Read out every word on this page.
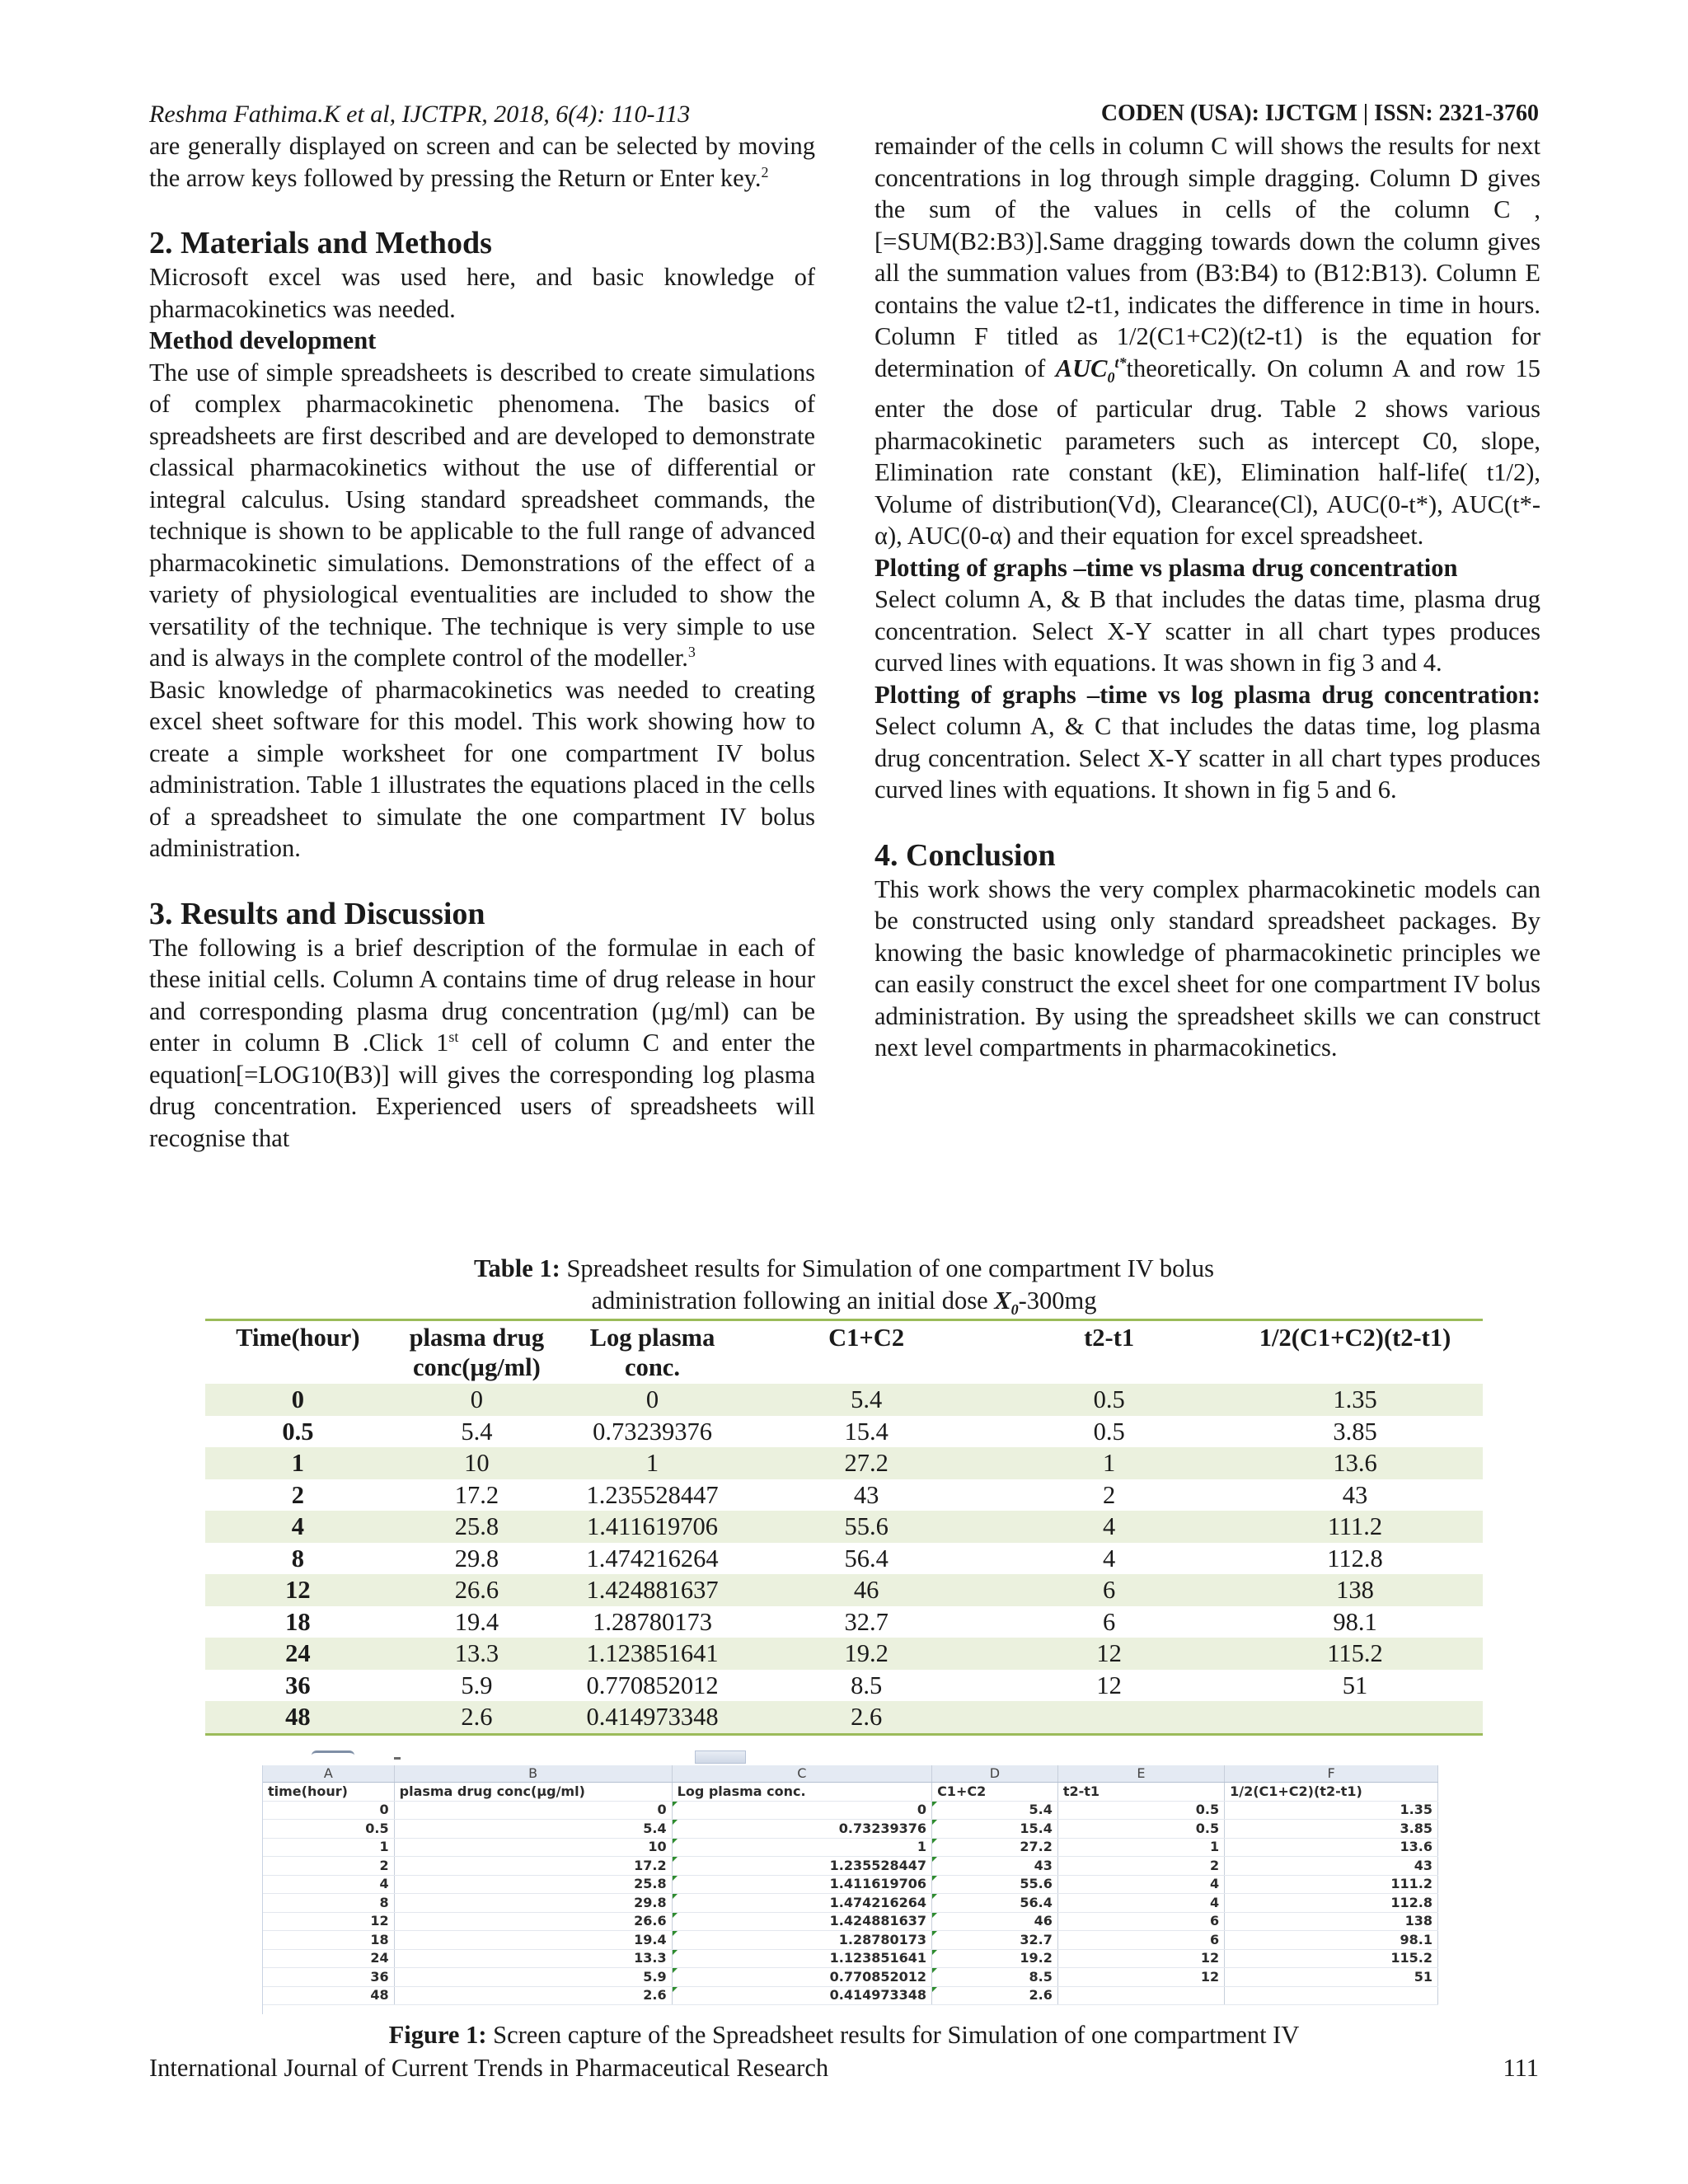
Reshma Fathima.K et al, IJCTPR, 2018, 6(4): 110-113	CODEN (USA): IJCTGM | ISSN: 2321-3760

are generally displayed on screen and can be selected by moving the arrow keys followed by pressing the Return or Enter key.$^2$

2. Materials and Methods

Microsoft excel was used here, and basic knowledge of pharmacokinetics was needed.

Method development

The use of simple spreadsheets is described to create simulations of complex pharmacokinetic phenomena. The basics of spreadsheets are first described and are developed to demonstrate classical pharmacokinetics without the use of differential or integral calculus. Using standard spreadsheet commands, the technique is shown to be applicable to the full range of advanced pharmacokinetic simulations. Demonstrations of the effect of a variety of physiological eventualities are included to show the versatility of the technique. The technique is very simple to use and is always in the complete control of the modeller.$^3$

Basic knowledge of pharmacokinetics was needed to creating excel sheet software for this model. This work showing how to create a simple worksheet for one compartment IV bolus administration. Table 1 illustrates the equations placed in the cells of a spreadsheet to simulate the one compartment IV bolus administration.

3. Results and Discussion

The following is a brief description of the formulae in each of these initial cells. Column A contains time of drug release in hour and corresponding plasma drug concentration (µg/ml) can be enter in column B .Click 1st cell of column C and enter the equation[=LOG10(B3)] will gives the corresponding log plasma drug concentration. Experienced users of spreadsheets will recognise that

remainder of the cells in column C will shows the results for next concentrations in log through simple dragging. Column D gives the sum of the values in cells of the column C ,[=SUM(B2:B3)].Same dragging towards down the column gives all the summation values from (B3:B4) to (B12:B13). Column E contains the value t2-t1, indicates the difference in time in hours. Column F titled as 1/2(C1+C2)(t2-t1) is the equation for determination of $AUC_0^{t*}theoretically$. On column A and row 15 enter the dose of particular drug. Table 2 shows various pharmacokinetic parameters such as intercept C0, slope, Elimination rate constant (kE), Elimination half-life( t1/2), Volume of distribution(Vd), Clearance(Cl), AUC(0-t*), AUC(t*-α), AUC(0-α) and their equation for excel spreadsheet.

Plotting of graphs –time vs plasma drug concentration

Select column A, & B that includes the datas time, plasma drug concentration. Select X-Y scatter in all chart types produces curved lines with equations. It was shown in fig 3 and 4.

Plotting of graphs –time vs log plasma drug concentration: Select column A, & C that includes the datas time, log plasma drug concentration. Select X-Y scatter in all chart types produces curved lines with equations. It shown in fig 5 and 6.

4. Conclusion

This work shows the very complex pharmacokinetic models can be constructed using only standard spreadsheet packages. By knowing the basic knowledge of pharmacokinetic principles we can easily construct the excel sheet for one compartment IV bolus administration. By using the spreadsheet skills we can construct next level compartments in pharmacokinetics.

Table 1: Spreadsheet results for Simulation of one compartment IV bolus
administration following an initial dose $X_0-300mg$
Time(hour)	plasma drug conc(µg/ml)	Log plasma conc.	C1+C2	t2-t1	1/2(C1+C2)(t2-t1)
0	0	0	5.4	0.5	1.35
0.5	5.4	0.73239376	15.4	0.5	3.85
1	10	1	27.2	1	13.6
2	17.2	1.235528447	43	2	43
4	25.8	1.411619706	55.6	4	111.2
8	29.8	1.474216264	56.4	4	112.8
12	26.6	1.424881637	46	6	138
18	19.4	1.28780173	32.7	6	98.1
24	13.3	1.123851641	19.2	12	115.2
36	5.9	0.770852012	8.5	12	51
48	2.6	0.414973348	2.6		
A	B	C	D	E	F
time(hour)	plasma drug conc(µg/ml)	Log plasma conc.	C1+C2	t2-t1	1/2(C1+C2)(t2-t1)
0	0	0	5.4	0.5	1.35
0.5	5.4	0.73239376	15.4	0.5	3.85
1	10	1	27.2	1	13.6
2	17.2	1.235528447	43	2	43
4	25.8	1.411619706	55.6	4	111.2
8	29.8	1.474216264	56.4	4	112.8
12	26.6	1.424881637	46	6	138
18	19.4	1.28780173	32.7	6	98.1
24	13.3	1.123851641	19.2	12	115.2
36	5.9	0.770852012	8.5	12	51
48	2.6	0.414973348	2.6		
Figure 1: Screen capture of the Spreadsheet results for Simulation of one compartment IV
International Journal of Current Trends in Pharmaceutical Research	111
